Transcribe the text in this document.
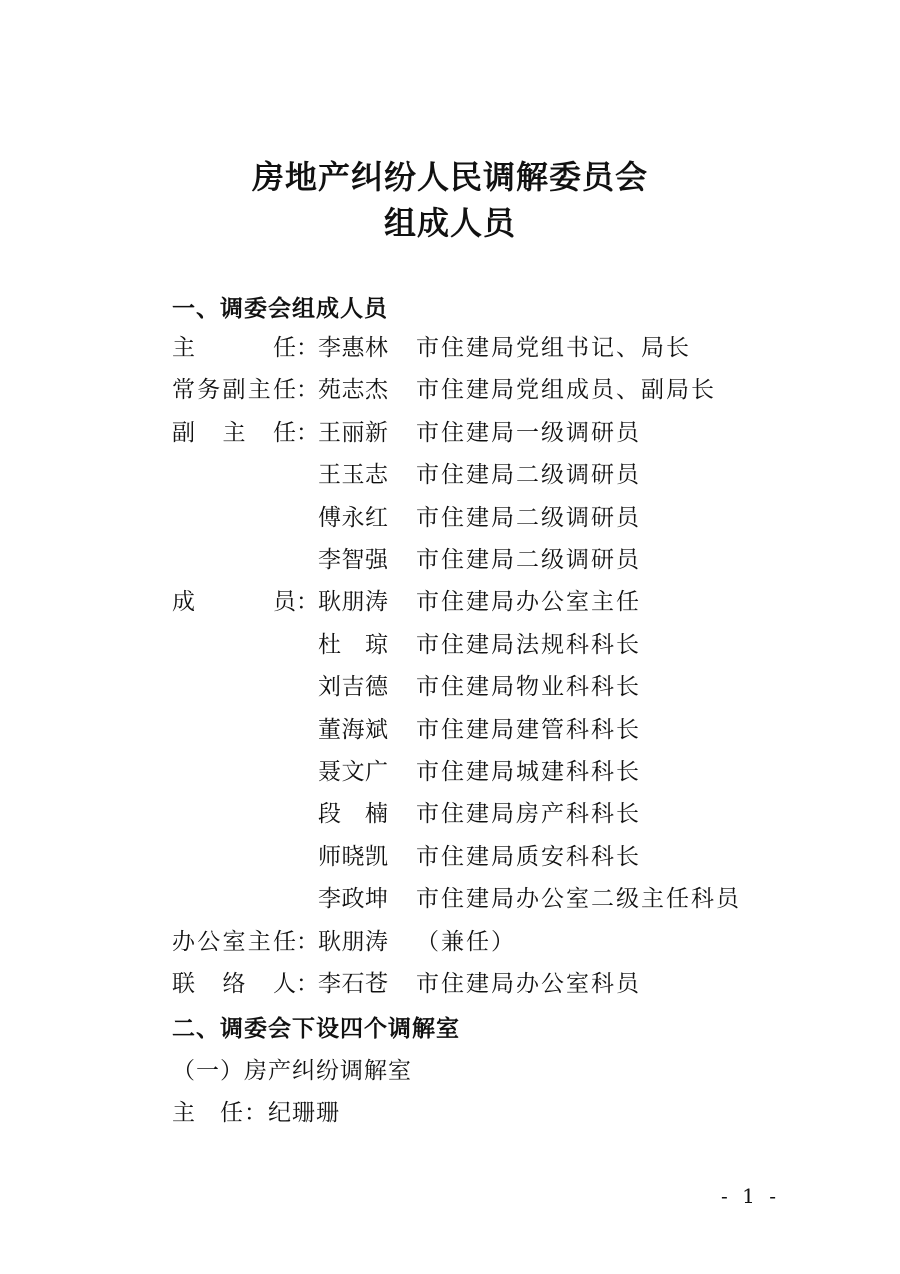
房地产纠纷人民调解委员会
组成人员
一、调委会组成人员
主	任 ： 李 惠 林 市住建局党组书记、局长
常 务 副 主 任 ： 苑 志 杰 市住建局党组成员、副局长
副 主 任 ： 王 丽 新 市住建局一级调研员
王 玉 志 市住建局二级调研员
傅 永 红 市住建局二级调研员
李 智 强 市住建局二级调研员
成	员 ： 耿 朋 涛 市住建局办公室主任
杜 琼 市住建局法规科科长
刘 吉 德 市住建局物业科科长
董 海 斌 市住建局建管科科长
聂 文 广 市住建局城建科科长
段 楠 市住建局房产科科长
师 晓 凯 市住建局质安科科长
李 政 坤 市住建局办公室二级主任科员
办 公 室 主 任 ： 耿 朋 涛 （兼任）
联 络 人 ： 李 石 苍 市住建局办公室科员
二、调委会下设四个调解室
（一）房产纠纷调解室
主　任：纪珊珊
- 1 -
